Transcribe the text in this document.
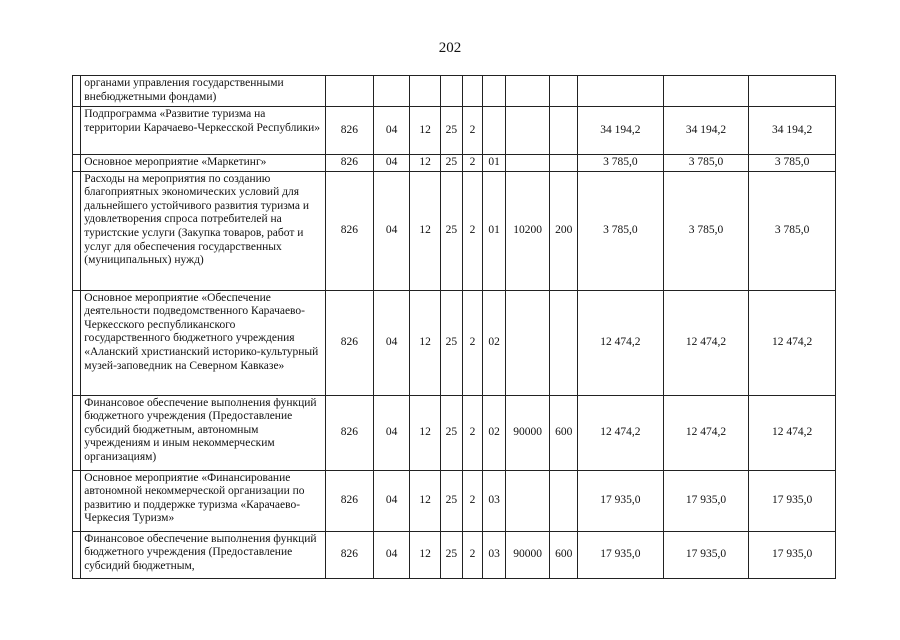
202
	органами управления государственными внебюджетными фондами)											
	Подпрограмма «Развитие туризма на территории Карачаево-Черкесской Республики»	826	04	12	25	2				34 194,2	34 194,2	34 194,2
	Основное мероприятие «Маркетинг»	826	04	12	25	2	01			3 785,0	3 785,0	3 785,0
	Расходы на мероприятия по созданию благоприятных экономических условий для дальнейшего устойчивого развития туризма и удовлетворения спроса потребителей на туристские услуги (Закупка товаров, работ и услуг для обеспечения государственных (муниципальных) нужд)	826	04	12	25	2	01	10200	200	3 785,0	3 785,0	3 785,0
	Основное мероприятие «Обеспечение деятельности подведомственного Карачаево-Черкесского республиканского государственного бюджетного учреждения «Аланский христианский историко-культурный музей-заповедник на Северном Кавказе»	826	04	12	25	2	02			12 474,2	12 474,2	12 474,2
	Финансовое обеспечение выполнения функций бюджетного учреждения (Предоставление субсидий бюджетным, автономным учреждениям и иным некоммерческим организациям)	826	04	12	25	2	02	90000	600	12 474,2	12 474,2	12 474,2
	Основное мероприятие «Финансирование автономной некоммерческой организации по развитию и поддержке туризма «Карачаево-Черкесия Туризм»	826	04	12	25	2	03			17 935,0	17 935,0	17 935,0
	Финансовое обеспечение выполнения функций бюджетного учреждения (Предоставление субсидий бюджетным,	826	04	12	25	2	03	90000	600	17 935,0	17 935,0	17 935,0
